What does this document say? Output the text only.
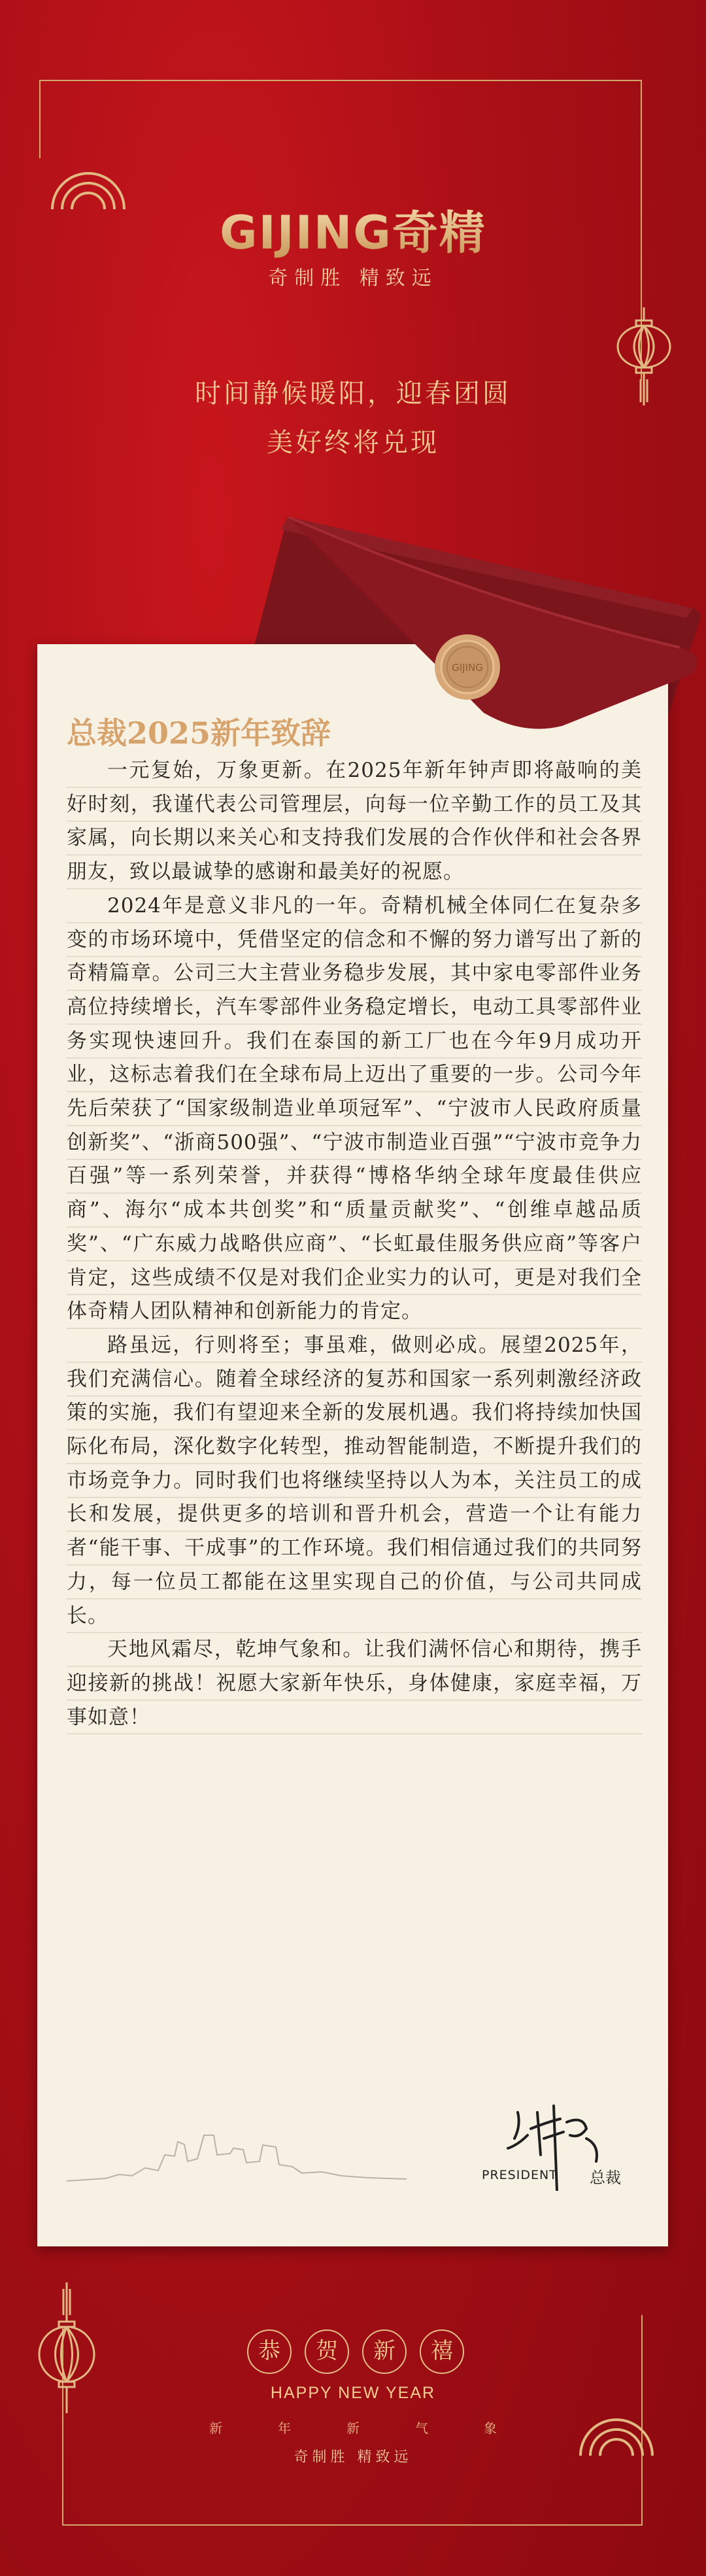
GIJING奇精
奇制胜 精致远
时间静候暖阳，迎春团圆
美好终将兑现
总裁2025新年致辞

一元复始，万象更新。在2025年新年钟声即将敲响的美好时刻，我谨代表公司管理层，向每一位辛勤工作的员工及其家属，向长期以来关心和支持我们发展的合作伙伴和社会各界朋友，致以最诚挚的感谢和最美好的祝愿。

2024年是意义非凡的一年。奇精机械全体同仁在复杂多变的市场环境中，凭借坚定的信念和不懈的努力谱写出了新的奇精篇章。公司三大主营业务稳步发展，其中家电零部件业务高位持续增长，汽车零部件业务稳定增长，电动工具零部件业务实现快速回升。我们在泰国的新工厂也在今年9月成功开业，这标志着我们在全球布局上迈出了重要的一步。公司今年先后荣获了“国家级制造业单项冠军”、“宁波市人民政府质量创新奖”、“浙商500强”、“宁波市制造业百强”“宁波市竞争力百强”等一系列荣誉，并获得“博格华纳全球年度最佳供应商”、海尔“成本共创奖”和“质量贡献奖”、“创维卓越品质奖”、“广东威力战略供应商”、“长虹最佳服务供应商”等客户肯定，这些成绩不仅是对我们企业实力的认可，更是对我们全体奇精人团队精神和创新能力的肯定。

路虽远，行则将至；事虽难，做则必成。展望2025年，我们充满信心。随着全球经济的复苏和国家一系列刺激经济政策的实施，我们有望迎来全新的发展机遇。我们将持续加快国际化布局，深化数字化转型，推动智能制造，不断提升我们的市场竞争力。同时我们也将继续坚持以人为本，关注员工的成长和发展，提供更多的培训和晋升机会，营造一个让有能力者“能干事、干成事”的工作环境。我们相信通过我们的共同努力，每一位员工都能在这里实现自己的价值，与公司共同成长。

天地风霜尽，乾坤气象和。让我们满怀信心和期待，携手迎接新的挑战！祝愿大家新年快乐，身体健康，家庭幸福，万事如意！

PRESIDENT 总裁
GIJING
恭	贺	新	禧
HAPPY NEW YEAR
新	年	新	气	象
奇制胜 精致远
